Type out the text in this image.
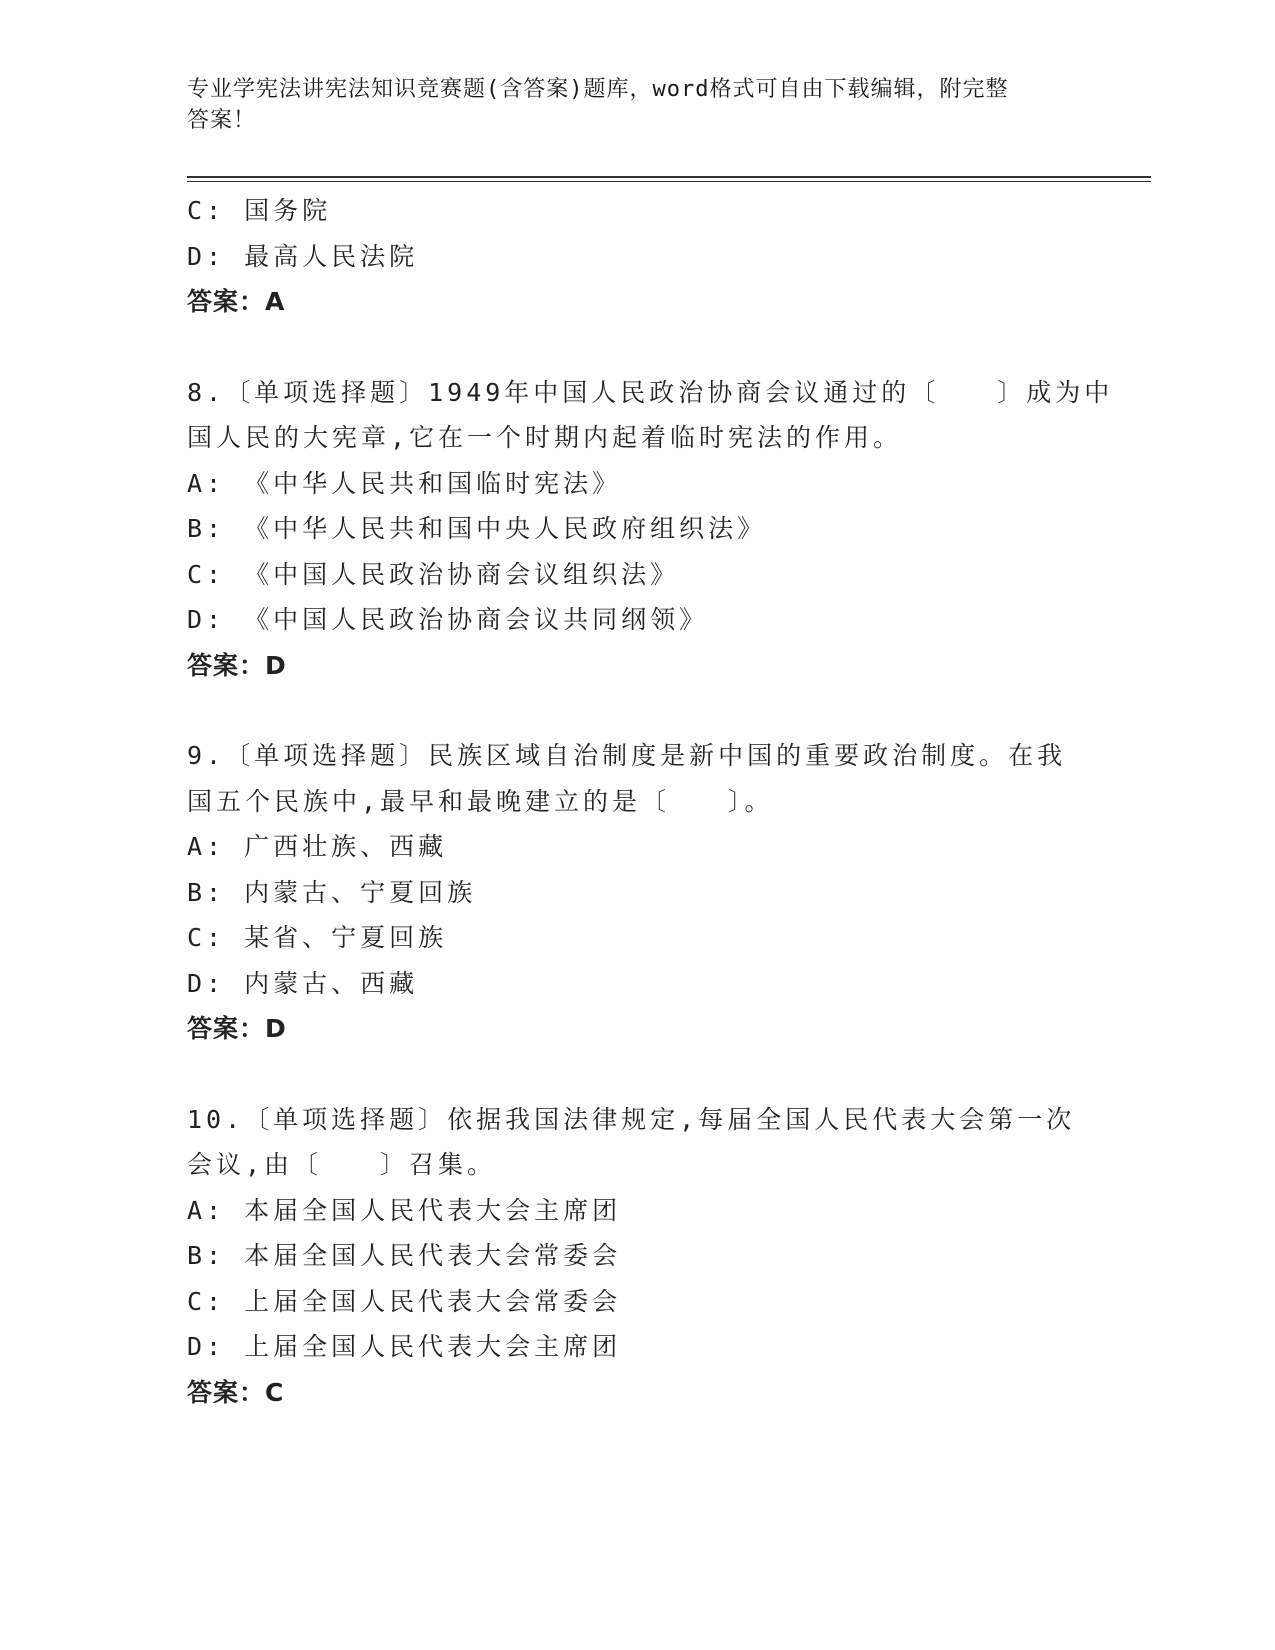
专业学宪法讲宪法知识竞赛题(含答案)题库，word格式可自由下载编辑，附完整
答案！
C: 国务院
D: 最高人民法院
答案：A
8.〔单项选择题〕1949年中国人民政治协商会议通过的〔　　〕成为中
国人民的大宪章,它在一个时期内起着临时宪法的作用。
A: 《中华人民共和国临时宪法》
B: 《中华人民共和国中央人民政府组织法》
C: 《中国人民政治协商会议组织法》
D: 《中国人民政治协商会议共同纲领》
答案：D
9.〔单项选择题〕民族区域自治制度是新中国的重要政治制度。在我
国五个民族中,最早和最晚建立的是〔　　〕。
A: 广西壮族、西藏
B: 内蒙古、宁夏回族
C: 某省、宁夏回族
D: 内蒙古、西藏
答案：D
10.〔单项选择题〕依据我国法律规定,每届全国人民代表大会第一次
会议,由〔　　〕召集。
A: 本届全国人民代表大会主席团
B: 本届全国人民代表大会常委会
C: 上届全国人民代表大会常委会
D: 上届全国人民代表大会主席团
答案：C
